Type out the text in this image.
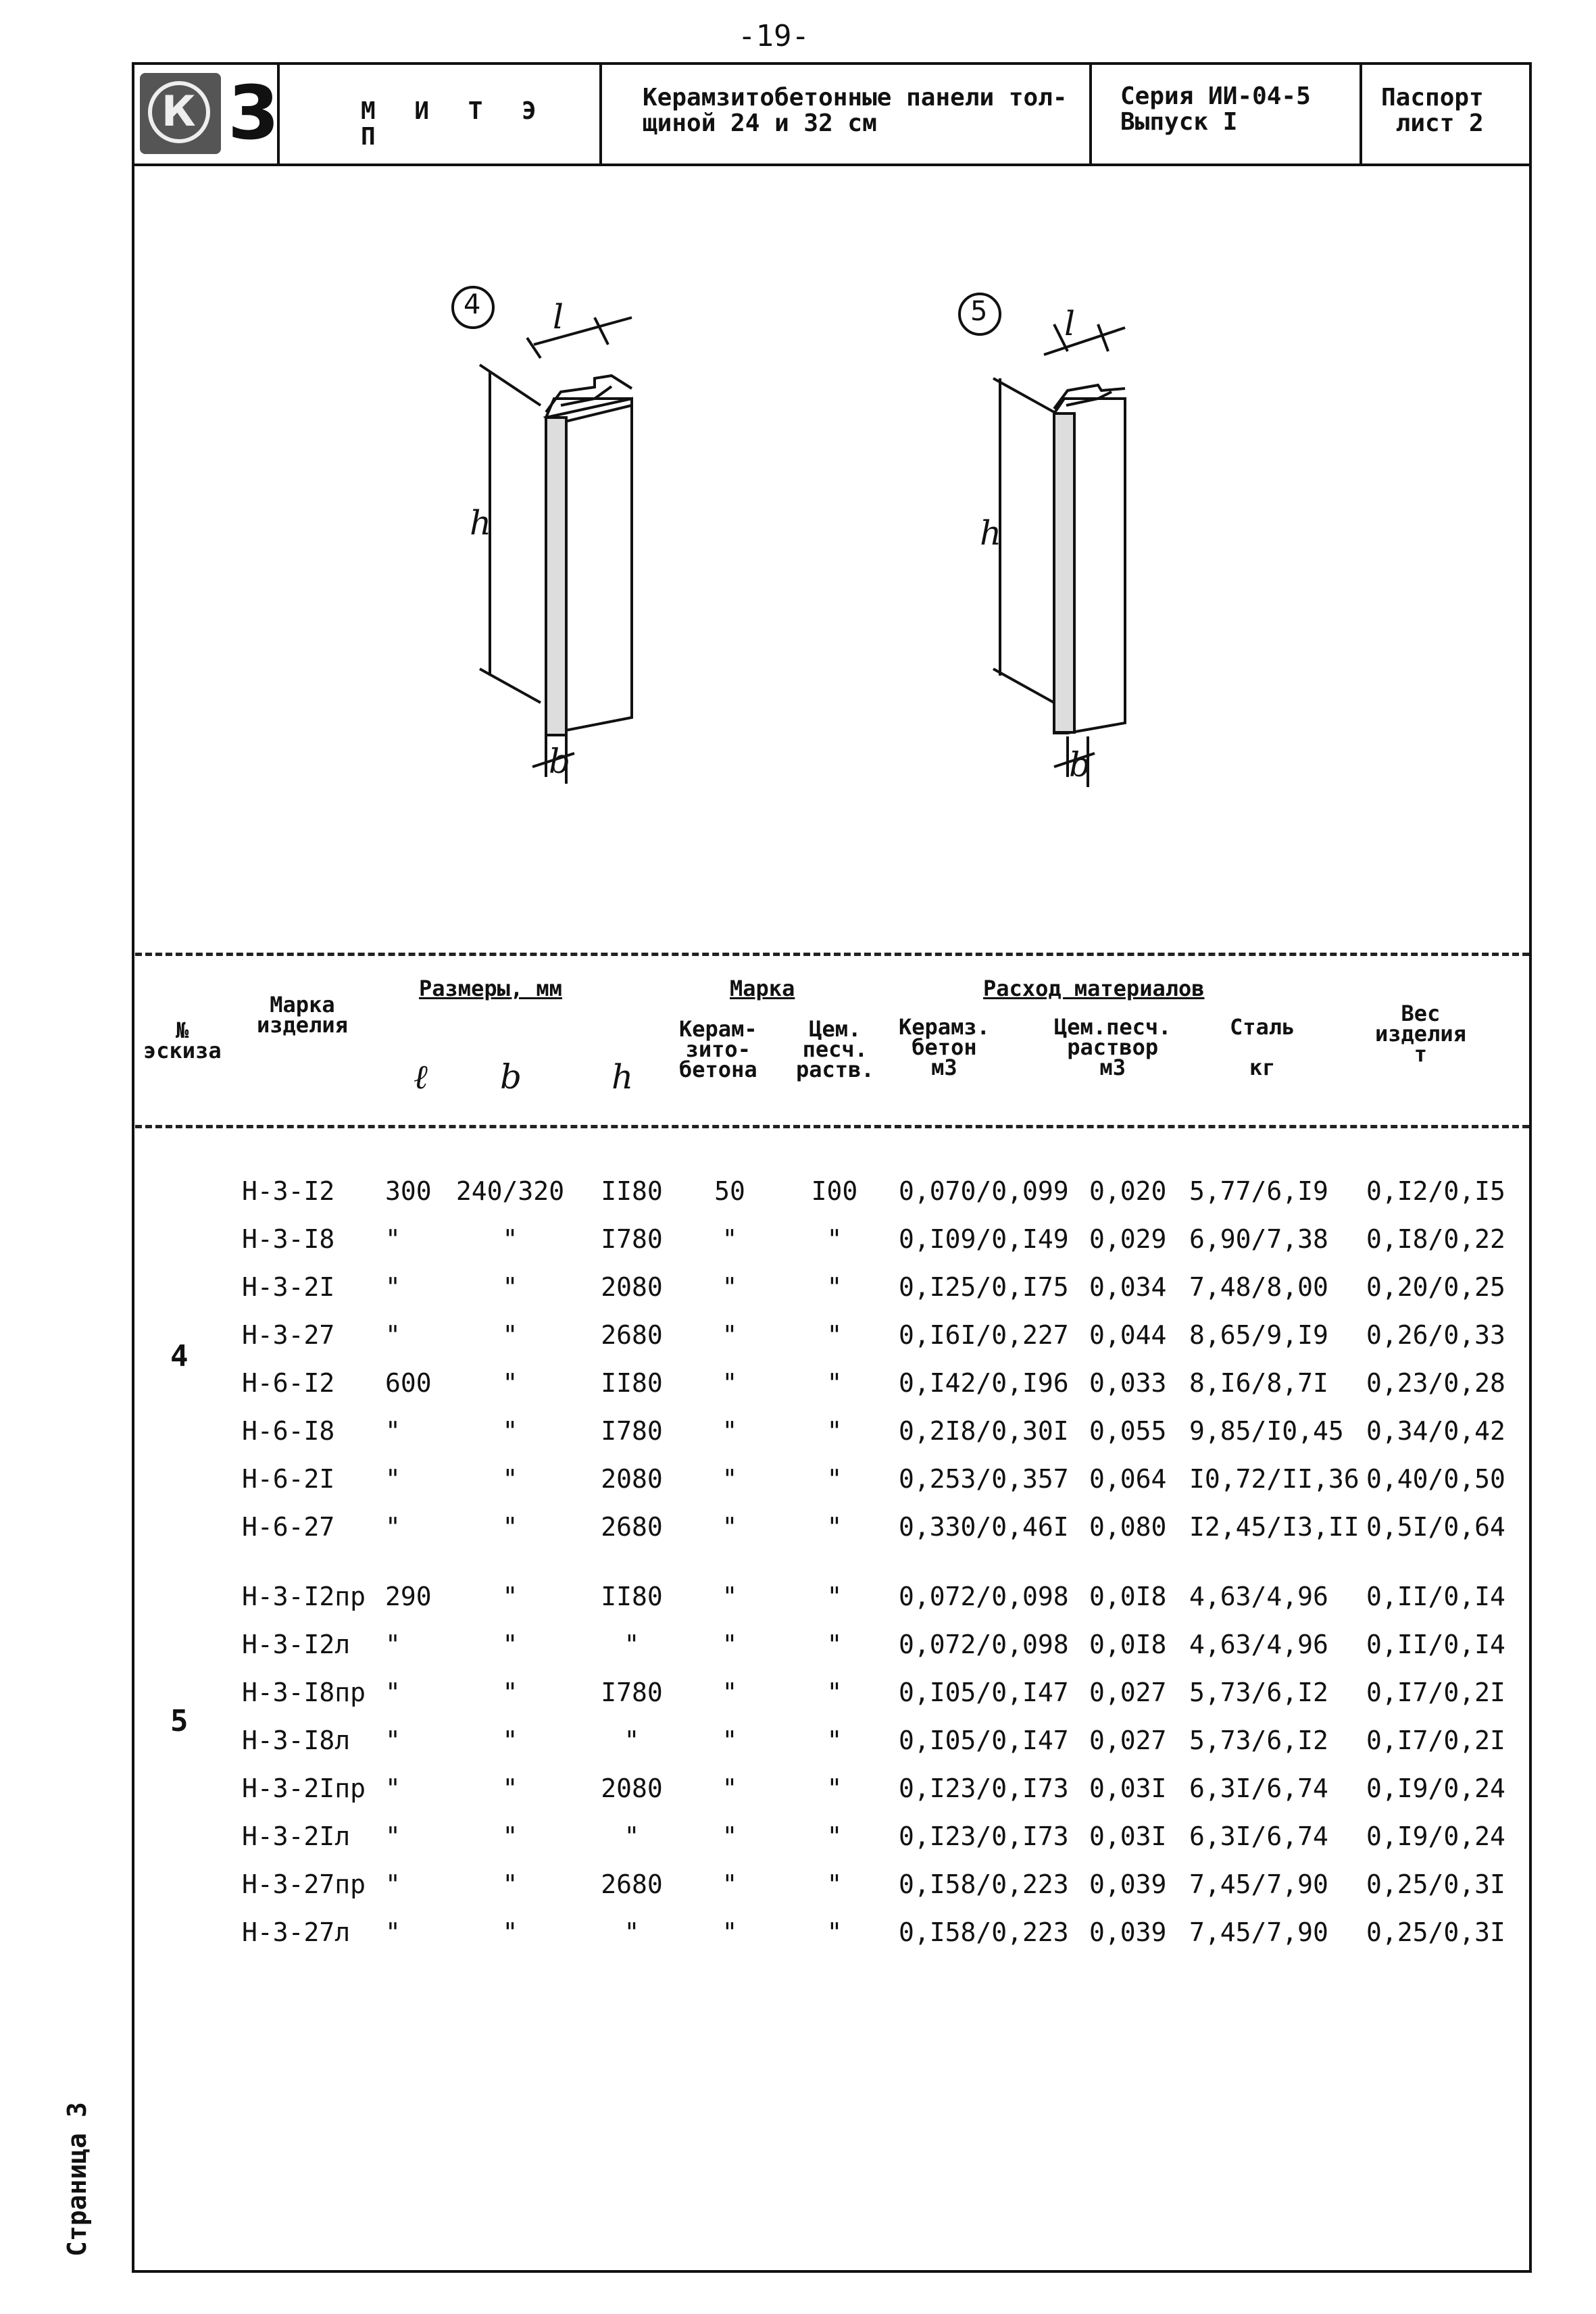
-19-
К 3	М И Т Э П
Керамзитобетонные панели тол-
щиной 24 и 32 см
Серия ИИ-04-5
Выпуск I
Паспорт
лист 2
4 l
h
b
5 l
h
b
№
эскиза
Марка
изделия
Размеры, мм
ℓ b	h
Марка
Керам-
зито-
бетона
Цем.
песч.
раств.
Расход материалов
Керамз.
бетон
м3
Цем.песч.
раствор
м3
Сталь

кг
Вес
изделия
т
4
5
Н-3-I2 300 240/320	II80	50	I00	0,070/0,099 0,020 5,77/6,I9 0,I2/0,I5
Н-3-I8 "	"	I780	"	"	0,I09/0,I49 0,029 6,90/7,38 0,I8/0,22
Н-3-2I "	"	2080	"	"	0,I25/0,I75 0,034 7,48/8,00 0,20/0,25
Н-3-27 "	"	2680	"	"	0,I6I/0,227 0,044 8,65/9,I9 0,26/0,33
Н-6-I2 600	"	II80	"	"	0,I42/0,I96 0,033 8,I6/8,7I 0,23/0,28
Н-6-I8 "	"	I780	"	"	0,2I8/0,30I 0,055 9,85/I0,45 0,34/0,42
Н-6-2I "	"	2080	"	"	0,253/0,357 0,064 I0,72/II,36 0,40/0,50
Н-6-27 "	"	2680	"	"	0,330/0,46I 0,080 I2,45/I3,II 0,5I/0,64
Н-3-I2пр 290	"	II80	"	"	0,072/0,098 0,0I8 4,63/4,96 0,II/0,I4
Н-3-I2л "	"	"	"	"	0,072/0,098 0,0I8 4,63/4,96 0,II/0,I4
Н-3-I8пр "	"	I780	"	"	0,I05/0,I47 0,027 5,73/6,I2 0,I7/0,2I
Н-3-I8л "	"	"	"	"	0,I05/0,I47 0,027 5,73/6,I2 0,I7/0,2I
Н-3-2Iпр "	"	2080	"	"	0,I23/0,I73 0,03I 6,3I/6,74 0,I9/0,24
Н-3-2Iл "	"	"	"	"	0,I23/0,I73 0,03I 6,3I/6,74 0,I9/0,24
Н-3-27пр "	"	2680	"	"	0,I58/0,223 0,039 7,45/7,90 0,25/0,3I
Н-3-27л "	"	"	"	"	0,I58/0,223 0,039 7,45/7,90 0,25/0,3I
Страница 3
